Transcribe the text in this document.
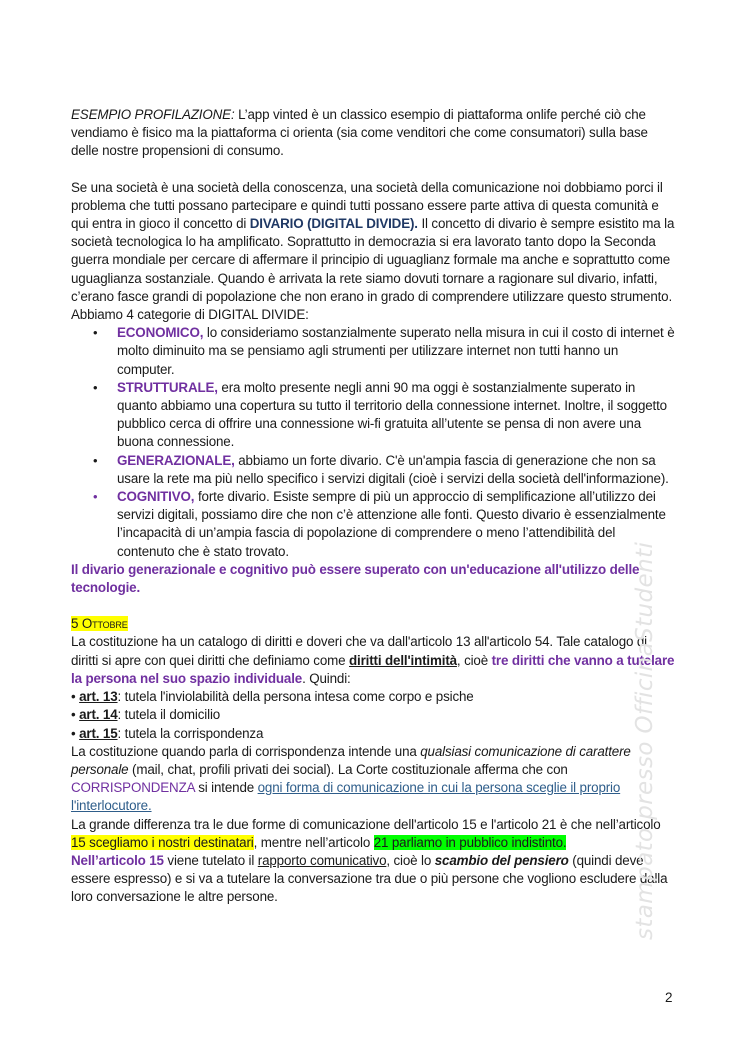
ESEMPIO PROFILAZIONE: L’app vinted è un classico esempio di piattaforma onlife perché ciò che vendiamo è fisico ma la piattaforma ci orienta (sia come venditori che come consumatori) sulla base delle nostre propensioni di consumo.

Se una società è una società della conoscenza, una società della comunicazione noi dobbiamo porci il problema che tutti possano partecipare e quindi tutti possano essere parte attiva di questa comunità e qui entra in gioco il concetto di DIVARIO (DIGITAL DIVIDE). Il concetto di divario è sempre esistito ma la società tecnologica lo ha amplificato. Soprattutto in democrazia si era lavorato tanto dopo la Seconda guerra mondiale per cercare di affermare il principio di uguaglianz formale ma anche e soprattutto come uguaglianza sostanziale. Quando è arrivata la rete siamo dovuti tornare a ragionare sul divario, infatti, c’erano fasce grandi di popolazione che non erano in grado di comprendere utilizzare questo strumento.

Abbiamo 4 categorie di DIGITAL DIVIDE:

• ECONOMICO, lo consideriamo sostanzialmente superato nella misura in cui il costo di internet è molto diminuito ma se pensiamo agli strumenti per utilizzare internet non tutti hanno un computer.
• STRUTTURALE, era molto presente negli anni 90 ma oggi è sostanzialmente superato in quanto abbiamo una copertura su tutto il territorio della connessione internet. Inoltre, il soggetto pubblico cerca di offrire una connessione wi-fi gratuita all’utente se pensa di non avere una buona connessione.
• GENERAZIONALE, abbiamo un forte divario. C'è un'ampia fascia di generazione che non sa usare la rete ma più nello specifico i servizi digitali (cioè i servizi della società dell'informazione).
• COGNITIVO, forte divario. Esiste sempre di più un approccio di semplificazione all’utilizzo dei servizi digitali, possiamo dire che non c’è attenzione alle fonti. Questo divario è essenzialmente l’incapacità di un’ampia fascia di popolazione di comprendere o meno l’attendibilità del contenuto che è stato trovato.

Il divario generazionale e cognitivo può essere superato con un'educazione all'utilizzo delle tecnologie.

5 Ottobre

La costituzione ha un catalogo di diritti e doveri che va dall'articolo 13 all'articolo 54. Tale catalogo di diritti si apre con quei diritti che definiamo come diritti dell'intimità, cioè tre diritti che vanno a tutelare la persona nel suo spazio individuale. Quindi:

• art. 13: tutela l'inviolabilità della persona intesa come corpo e psiche

• art. 14: tutela il domicilio

• art. 15: tutela la corrispondenza

La costituzione quando parla di corrispondenza intende una qualsiasi comunicazione di carattere personale (mail, chat, profili privati dei social). La Corte costituzionale afferma che con CORRISPONDENZA si intende ogni forma di comunicazione in cui la persona sceglie il proprio l'interlocutore.

La grande differenza tra le due forme di comunicazione dell'articolo 15 e l'articolo 21 è che nell’articolo 15 scegliamo i nostri destinatari, mentre nell’articolo 21 parliamo in pubblico indistinto.

Nell’articolo 15 viene tutelato il rapporto comunicativo, cioè lo scambio del pensiero (quindi deve essere espresso) e si va a tutelare la conversazione tra due o più persone che vogliono escludere dalla loro conversazione le altre persone.	stampato presso OfficinaStudenti
2
